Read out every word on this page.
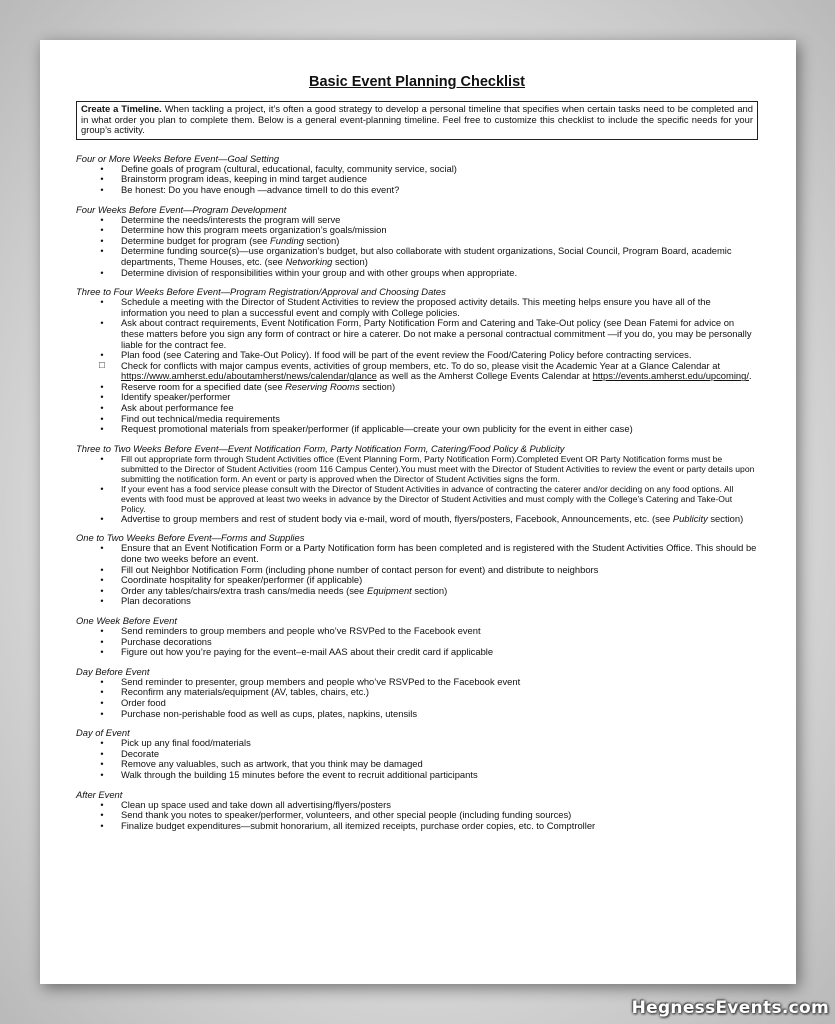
Basic Event Planning Checklist
Create a Timeline. When tackling a project, it’s often a good strategy to develop a personal timeline that specifies when certain tasks need to be completed and in what order you plan to complete them. Below is a general event-planning timeline. Feel free to customize this checklist to include the specific needs for your group’s activity.

Four or More Weeks Before Event—Goal Setting

•	Define goals of program (cultural, educational, faculty, community service, social)
•	Brainstorm program ideas, keeping in mind target audience
•	Be honest: Do you have enough —advance timeII to do this event?

Four Weeks Before Event—Program Development

•	Determine the needs/interests the program will serve
•	Determine how this program meets organization’s goals/mission
•	Determine budget for program (see Funding section)
•	Determine funding source(s)—use organization’s budget, but also collaborate with student organizations, Social Council, Program Board, academic departments, Theme Houses, etc. (see Networking section)
•	Determine division of responsibilities within your group and with other groups when appropriate.

Three to Four Weeks Before Event—Program Registration/Approval and Choosing Dates

•	Schedule a meeting with the Director of Student Activities to review the proposed activity details. This meeting helps ensure you have all of the information you need to plan a successful event and comply with College policies.
•	Ask about contract requirements, Event Notification Form, Party Notification Form and Catering and Take-Out policy (see Dean Fatemi for advice on these matters before you sign any form of contract or hire a caterer. Do not make a personal contractual commitment —if you do, you may be personally liable for the contract fee.
•	Plan food (see Catering and Take-Out Policy). If food will be part of the event review the Food/Catering Policy before contracting services.
☐ Check for conflicts with major campus events, activities of group members, etc. To do so, please visit the Academic Year at a Glance Calendar at https://www.amherst.edu/aboutamherst/news/calendar/glance as well as the Amherst College Events Calendar at https://events.amherst.edu/upcoming/.
•	Reserve room for a specified date (see Reserving Rooms section)
•	Identify speaker/performer
•	Ask about performance fee
•	Find out technical/media requirements
•	Request promotional materials from speaker/performer (if applicable—create your own publicity for the event in either case)

Three to Two Weeks Before Event—Event Notification Form, Party Notification Form, Catering/Food Policy & Publicity

•	Fill out appropriate form through Student Activities office (Event Planning Form, Party Notification Form).Completed Event OR Party Notification forms must be submitted to the Director of Student Activities (room 116 Campus Center).You must meet with the Director of Student Activities to review the event or party details upon submitting the notification form. An event or party is approved when the Director of Student Activities signs the form.
•	If your event has a food service please consult with the Director of Student Activities in advance of contracting the caterer and/or deciding on any food options. All events with food must be approved at least two weeks in advance by the Director of Student Activities and must comply with the College’s Catering and Take-Out Policy.
•	Advertise to group members and rest of student body via e-mail, word of mouth, flyers/posters, Facebook, Announcements, etc. (see Publicity section)

One to Two Weeks Before Event—Forms and Supplies

•	Ensure that an Event Notification Form or a Party Notification form has been completed and is registered with the Student Activities Office. This should be done two weeks before an event.
•	Fill out Neighbor Notification Form (including phone number of contact person for event) and distribute to neighbors
•	Coordinate hospitality for speaker/performer (if applicable)
•	Order any tables/chairs/extra trash cans/media needs (see Equipment section)
•	Plan decorations

One Week Before Event

•	Send reminders to group members and people who’ve RSVPed to the Facebook event
•	Purchase decorations
•	Figure out how you’re paying for the event–e-mail AAS about their credit card if applicable

Day Before Event

•	Send reminder to presenter, group members and people who’ve RSVPed to the Facebook event
•	Reconfirm any materials/equipment (AV, tables, chairs, etc.)
•	Order food
•	Purchase non-perishable food as well as cups, plates, napkins, utensils

Day of Event

•	Pick up any final food/materials
•	Decorate
•	Remove any valuables, such as artwork, that you think may be damaged
•	Walk through the building 15 minutes before the event to recruit additional participants

After Event

•	Clean up space used and take down all advertising/flyers/posters
•	Send thank you notes to speaker/performer, volunteers, and other special people (including funding sources)
•	Finalize budget expenditures—submit honorarium, all itemized receipts, purchase order copies, etc. to Comptroller
HegnessEvents.com
